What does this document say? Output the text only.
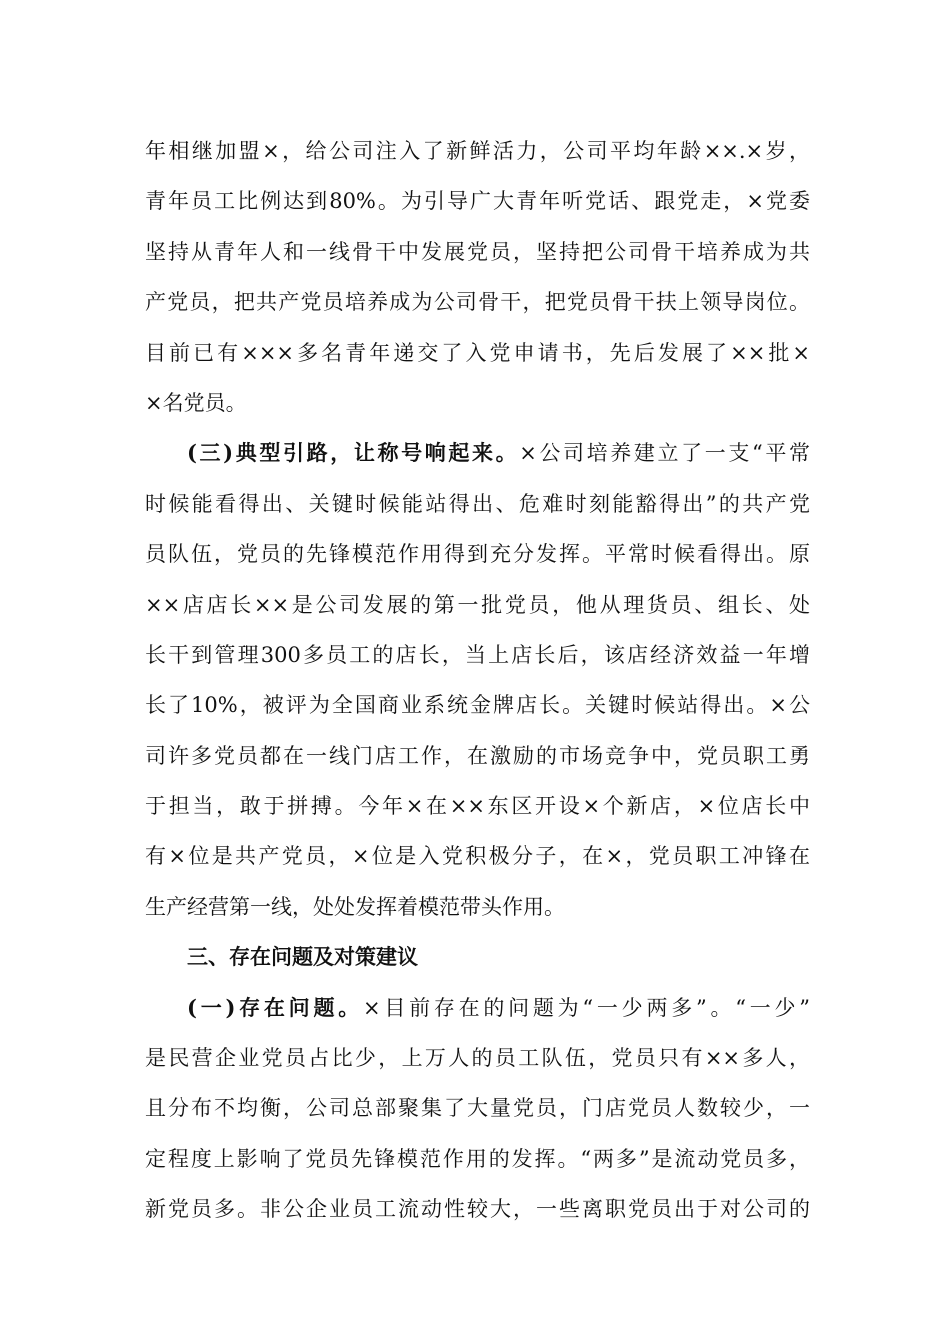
年相继加盟×，给公司注入了新鲜活力，公司平均年龄××.×岁，
青年员工比例达到80%。为引导广大青年听党话、跟党走，×党委
坚持从青年人和一线骨干中发展党员，坚持把公司骨干培养成为共
产党员，把共产党员培养成为公司骨干，把党员骨干扶上领导岗位。
目前已有×××多名青年递交了入党申请书，先后发展了××批×
×名党员。

(三)典型引路，让称号响起来。×公司培养建立了一支“平常
时候能看得出、关键时候能站得出、危难时刻能豁得出”的共产党
员队伍，党员的先锋模范作用得到充分发挥。平常时候看得出。原
××店店长××是公司发展的第一批党员，他从理货员、组长、处
长干到管理300多员工的店长，当上店长后，该店经济效益一年增
长了10%，被评为全国商业系统金牌店长。关键时候站得出。×公
司许多党员都在一线门店工作，在激励的市场竞争中，党员职工勇
于担当，敢于拼搏。今年×在××东区开设×个新店，×位店长中
有×位是共产党员，×位是入党积极分子，在×，党员职工冲锋在
生产经营第一线，处处发挥着模范带头作用。

三、存在问题及对策建议

(一)存在问题。×目前存在的问题为“一少两多”。“一少”
是民营企业党员占比少，上万人的员工队伍，党员只有××多人，
且分布不均衡，公司总部聚集了大量党员，门店党员人数较少，一
定程度上影响了党员先锋模范作用的发挥。“两多”是流动党员多，
新党员多。非公企业员工流动性较大，一些离职党员出于对公司的
